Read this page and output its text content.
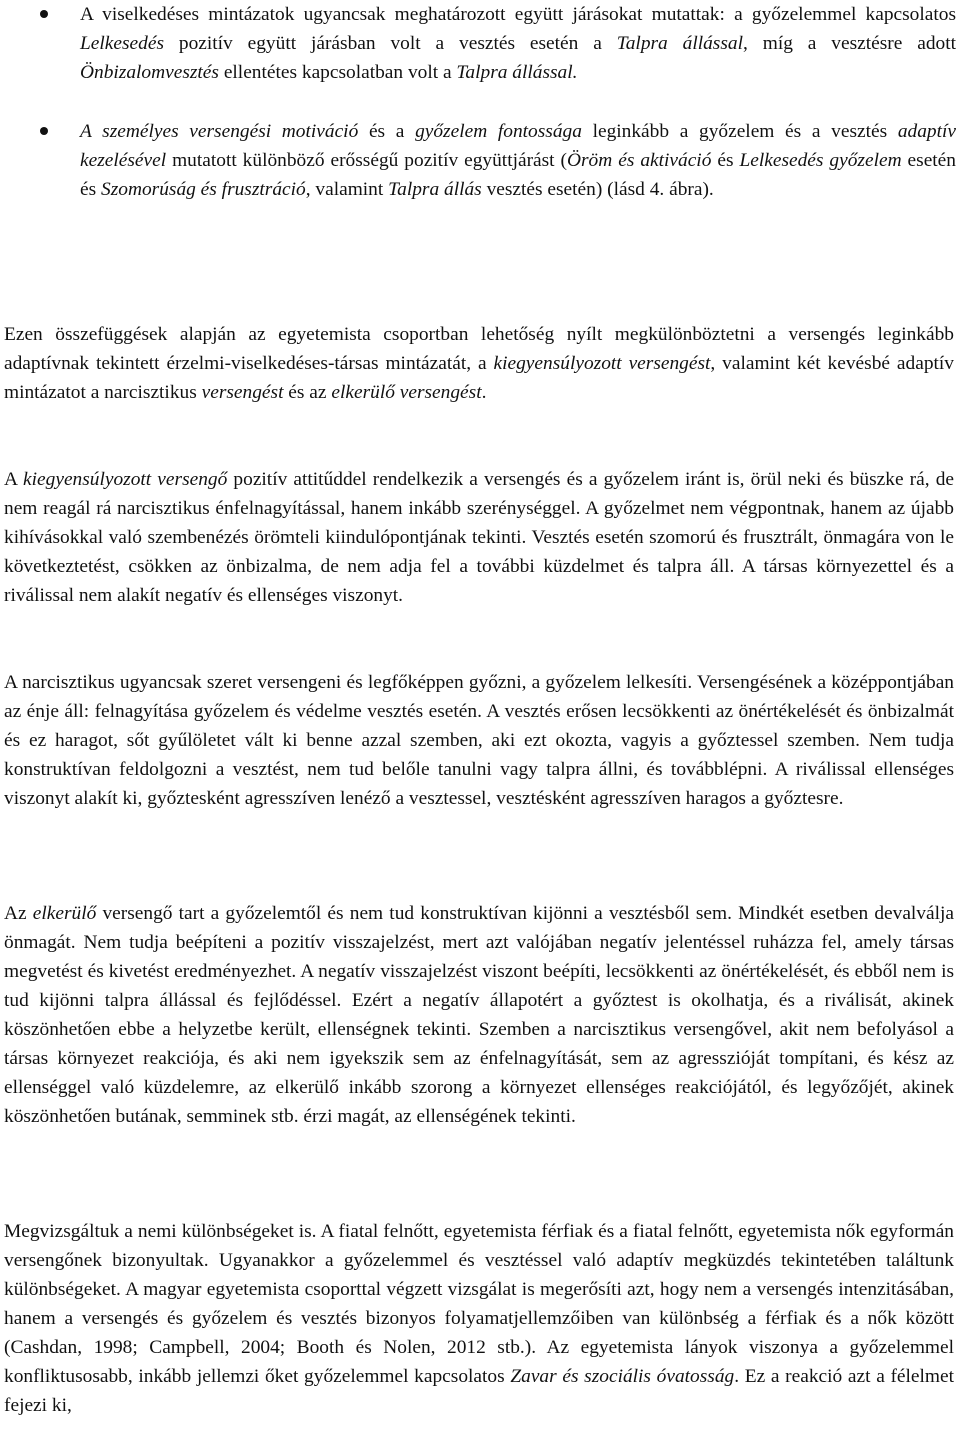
A viselkedéses mintázatok ugyancsak meghatározott együtt járásokat mutattak: a győzelemmel kapcsolatos Lelkesedés pozitív együtt járásban volt a vesztés esetén a Talpra állással, míg a vesztésre adott Önbizalomvesztés ellentétes kapcsolatban volt a Talpra állással.
A személyes versengési motiváció és a győzelem fontossága leginkább a győzelem és a vesztés adaptív kezelésével mutatott különböző erősségű pozitív együttjárást (Öröm és aktiváció és Lelkesedés győzelem esetén és Szomorúság és frusztráció, valamint Talpra állás vesztés esetén) (lásd 4. ábra).

Ezen összefüggések alapján az egyetemista csoportban lehetőség nyílt megkülönböztetni a versengés leginkább adaptívnak tekintett érzelmi-viselkedéses-társas mintázatát, a kiegyensúlyozott versengést, valamint két kevésbé adaptív mintázatot a narcisztikus versengést és az elkerülő versengést.

A kiegyensúlyozott versengő pozitív attitűddel rendelkezik a versengés és a győzelem iránt is, örül neki és büszke rá, de nem reagál rá narcisztikus énfelnagyítással, hanem inkább szerénységgel. A győzelmet nem végpontnak, hanem az újabb kihívásokkal való szembenézés örömteli kiindulópontjának tekinti. Vesztés esetén szomorú és frusztrált, önmagára von le következtetést, csökken az önbizalma, de nem adja fel a további küzdelmet és talpra áll. A társas környezettel és a riválissal nem alakít negatív és ellenséges viszonyt.

A narcisztikus ugyancsak szeret versengeni és legfőképpen győzni, a győzelem lelkesíti. Versengésének a középpontjában az énje áll: felnagyítása győzelem és védelme vesztés esetén. A vesztés erősen lecsökkenti az önértékelését és önbizalmát és ez haragot, sőt gyűlöletet vált ki benne azzal szemben, aki ezt okozta, vagyis a győztessel szemben. Nem tudja konstruktívan feldolgozni a vesztést, nem tud belőle tanulni vagy talpra állni, és továbblépni. A riválissal ellenséges viszonyt alakít ki, győztesként agresszíven lenéző a vesztessel, vesztésként agresszíven haragos a győztesre.

Az elkerülő versengő tart a győzelemtől és nem tud konstruktívan kijönni a vesztésből sem. Mindkét esetben devalválja önmagát. Nem tudja beépíteni a pozitív visszajelzést, mert azt valójában negatív jelentéssel ruházza fel, amely társas megvetést és kivetést eredményezhet. A negatív visszajelzést viszont beépíti, lecsökkenti az önértékelését, és ebből nem is tud kijönni talpra állással és fejlődéssel. Ezért a negatív állapotért a győztest is okolhatja, és a riválisát, akinek köszönhetően ebbe a helyzetbe került, ellenségnek tekinti. Szemben a narcisztikus versengővel, akit nem befolyásol a társas környezet reakciója, és aki nem igyekszik sem az énfelnagyítását, sem az agresszióját tompítani, és kész az ellenséggel való küzdelemre, az elkerülő inkább szorong a környezet ellenséges reakciójától, és legyőzőjét, akinek köszönhetően butának, semminek stb. érzi magát, az ellenségének tekinti.

Megvizsgáltuk a nemi különbségeket is. A fiatal felnőtt, egyetemista férfiak és a fiatal felnőtt, egyetemista nők egyformán versengőnek bizonyultak. Ugyanakkor a győzelemmel és vesztéssel való adaptív megküzdés tekintetében találtunk különbségeket. A magyar egyetemista csoporttal végzett vizsgálat is megerősíti azt, hogy nem a versengés intenzitásában, hanem a versengés és győzelem és vesztés bizonyos folyamatjellemzőiben van különbség a férfiak és a nők között (Cashdan, 1998; Campbell, 2004; Booth és Nolen, 2012 stb.). Az egyetemista lányok viszonya a győzelemmel konfliktusosabb, inkább jellemzi őket győzelemmel kapcsolatos Zavar és szociális óvatosság. Ez a reakció azt a félelmet fejezi ki,
